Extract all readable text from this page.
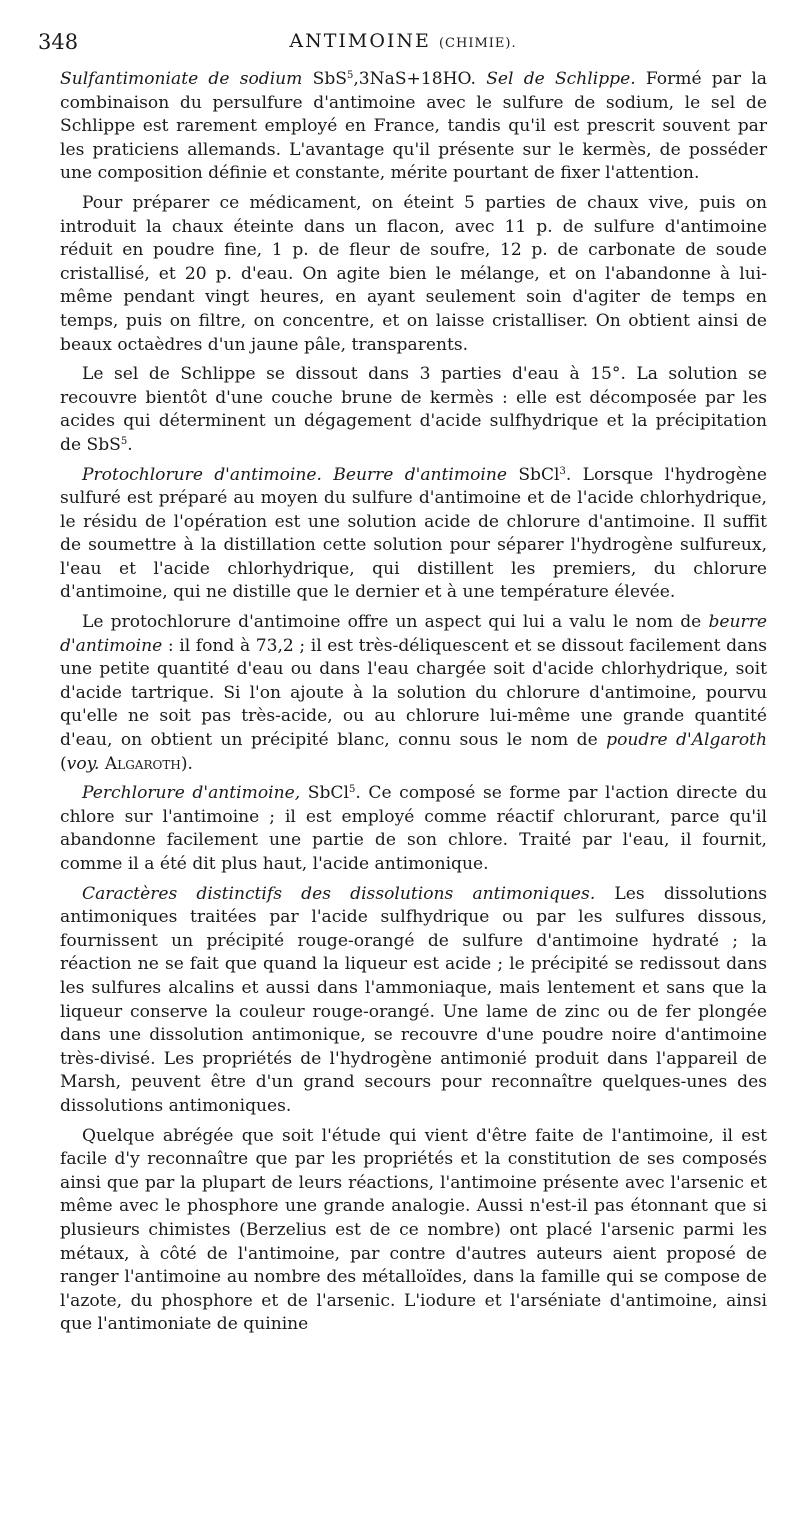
348	ANTIMOINE (CHIMIE).

Sulfantimoniate de sodium SbS$^5$,3NaS+18HO. Sel de Schlippe. Formé par la combinaison du persulfure d'antimoine avec le sulfure de sodium, le sel de Schlippe est rarement employé en France, tandis qu'il est prescrit souvent par les praticiens allemands. L'avantage qu'il présente sur le kermès, de posséder une composition définie et constante, mérite pourtant de fixer l'attention.

Pour préparer ce médicament, on éteint 5 parties de chaux vive, puis on introduit la chaux éteinte dans un flacon, avec 11 p. de sulfure d'antimoine réduit en poudre fine, 1 p. de fleur de soufre, 12 p. de carbonate de soude cristallisé, et 20 p. d'eau. On agite bien le mélange, et on l'abandonne à lui-même pendant vingt heures, en ayant seulement soin d'agiter de temps en temps, puis on filtre, on concentre, et on laisse cristalliser. On obtient ainsi de beaux octaèdres d'un jaune pâle, transparents.

Le sel de Schlippe se dissout dans 3 parties d'eau à 15°. La solution se recouvre bientôt d'une couche brune de kermès : elle est décomposée par les acides qui déterminent un dégagement d'acide sulfhydrique et la précipitation de SbS$^5$.

Protochlorure d'antimoine. Beurre d'antimoine SbCl$^3$. Lorsque l'hydrogène sulfuré est préparé au moyen du sulfure d'antimoine et de l'acide chlorhydrique, le résidu de l'opération est une solution acide de chlorure d'antimoine. Il suffit de soumettre à la distillation cette solution pour séparer l'hydrogène sulfureux, l'eau et l'acide chlorhydrique, qui distillent les premiers, du chlorure d'antimoine, qui ne distille que le dernier et à une température élevée.

Le protochlorure d'antimoine offre un aspect qui lui a valu le nom de beurre d'antimoine : il fond à 73,2 ; il est très-déliquescent et se dissout facilement dans une petite quantité d'eau ou dans l'eau chargée soit d'acide chlorhydrique, soit d'acide tartrique. Si l'on ajoute à la solution du chlorure d'antimoine, pourvu qu'elle ne soit pas très-acide, ou au chlorure lui-même une grande quantité d'eau, on obtient un précipité blanc, connu sous le nom de poudre d'Algaroth (voy. Algaroth).

Perchlorure d'antimoine, SbCl$^5$. Ce composé se forme par l'action directe du chlore sur l'antimoine ; il est employé comme réactif chlorurant, parce qu'il abandonne facilement une partie de son chlore. Traité par l'eau, il fournit, comme il a été dit plus haut, l'acide antimonique.

Caractères distinctifs des dissolutions antimoniques. Les dissolutions antimoniques traitées par l'acide sulfhydrique ou par les sulfures dissous, fournissent un précipité rouge-orangé de sulfure d'antimoine hydraté ; la réaction ne se fait que quand la liqueur est acide ; le précipité se redissout dans les sulfures alcalins et aussi dans l'ammoniaque, mais lentement et sans que la liqueur conserve la couleur rouge-orangé. Une lame de zinc ou de fer plongée dans une dissolution antimonique, se recouvre d'une poudre noire d'antimoine très-divisé. Les propriétés de l'hydrogène antimonié produit dans l'appareil de Marsh, peuvent être d'un grand secours pour reconnaître quelques-unes des dissolutions antimoniques.

Quelque abrégée que soit l'étude qui vient d'être faite de l'antimoine, il est facile d'y reconnaître que par les propriétés et la constitution de ses composés ainsi que par la plupart de leurs réactions, l'antimoine présente avec l'arsenic et même avec le phosphore une grande analogie. Aussi n'est-il pas étonnant que si plusieurs chimistes (Berzelius est de ce nombre) ont placé l'arsenic parmi les métaux, à côté de l'antimoine, par contre d'autres auteurs aient proposé de ranger l'antimoine au nombre des métalloïdes, dans la famille qui se compose de l'azote, du phosphore et de l'arsenic. L'iodure et l'arséniate d'antimoine, ainsi que l'antimoniate de quinine
